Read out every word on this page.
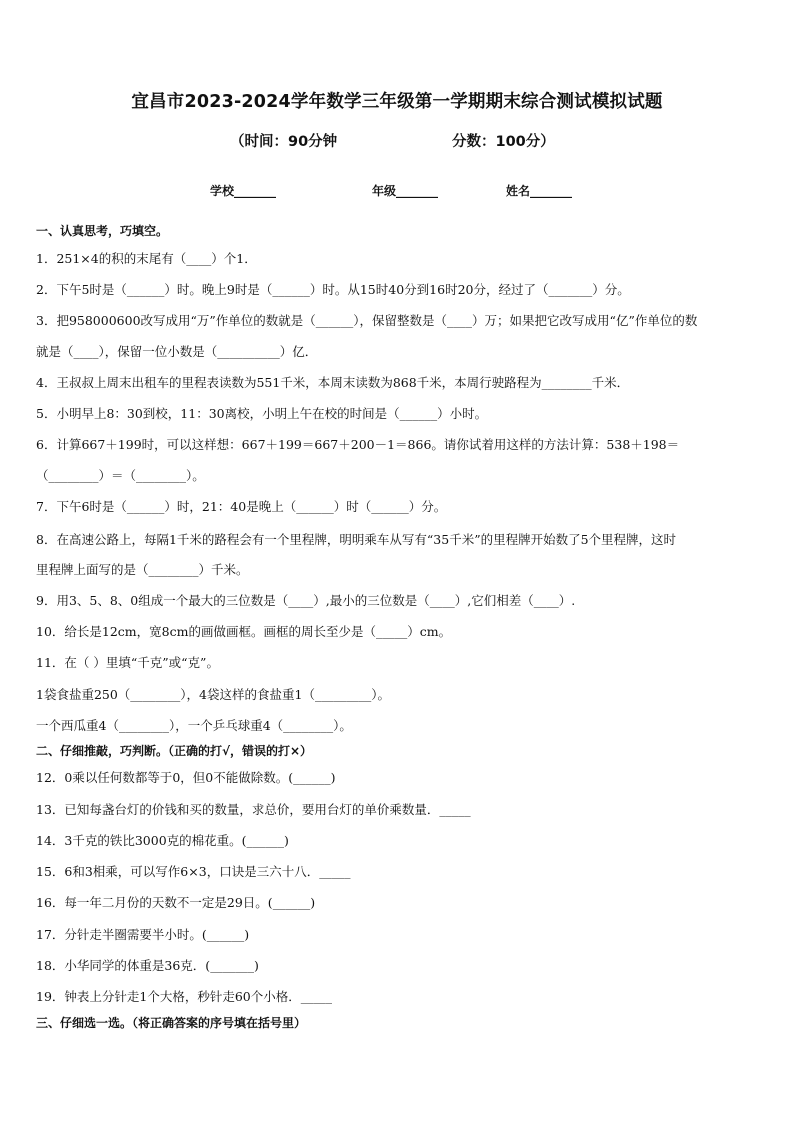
宜昌市2023-2024学年数学三年级第一学期期末综合测试模拟试题
（时间：90分钟	分数：100分）
学校_______	年级_______	姓名_______
一、认真思考，巧填空。
1．251×4的积的末尾有（____）个1．
2．下午5时是（______）时。晚上9时是（______）时。从15时40分到16时20分，经过了（_______）分。
3．把958000600改写成用“万”作单位的数就是（______），保留整数是（____）万；如果把它改写成用“亿”作单位的数
就是（____），保留一位小数是（__________）亿．
4．王叔叔上周末出租车的里程表读数为551千米，本周末读数为868千米，本周行驶路程为________千米．
5．小明早上8：30到校，11：30离校，小明上午在校的时间是（______）小时。
6．计算667＋199时，可以这样想：667＋199＝667＋200－1＝866。请你试着用这样的方法计算：538＋198＝
（________）＝（________）。
7．下午6时是（______）时，21：40是晚上（______）时（______）分。
8．在高速公路上，每隔1千米的路程会有一个里程牌，明明乘车从写有“35千米”的里程牌开始数了5个里程牌，这时
里程牌上面写的是（________）千米。
9．用3、5、8、0组成一个最大的三位数是（____）,最小的三位数是（____）,它们相差（____）.
10．给长是12cm，宽8cm的画做画框。画框的周长至少是（_____）cm。
11．在（ ）里填“千克”或“克”。
1袋食盐重250（________），4袋这样的食盐重1（_________）。
一个西瓜重4（________），一个乒乓球重4（________）。
二、仔细推敲，巧判断。（正确的打√，错误的打×）
12．0乘以任何数都等于0，但0不能做除数。(______)
13．已知每盏台灯的价钱和买的数量，求总价，要用台灯的单价乘数量．_____
14．3千克的铁比3000克的棉花重。(______)
15．6和3相乘，可以写作6×3，口诀是三六十八．_____
16．每一年二月份的天数不一定是29日。(______)
17．分针走半圈需要半小时。(______)
18．小华同学的体重是36克．(_______)
19．钟表上分针走1个大格，秒针走60个小格．_____
三、仔细选一选。（将正确答案的序号填在括号里）
